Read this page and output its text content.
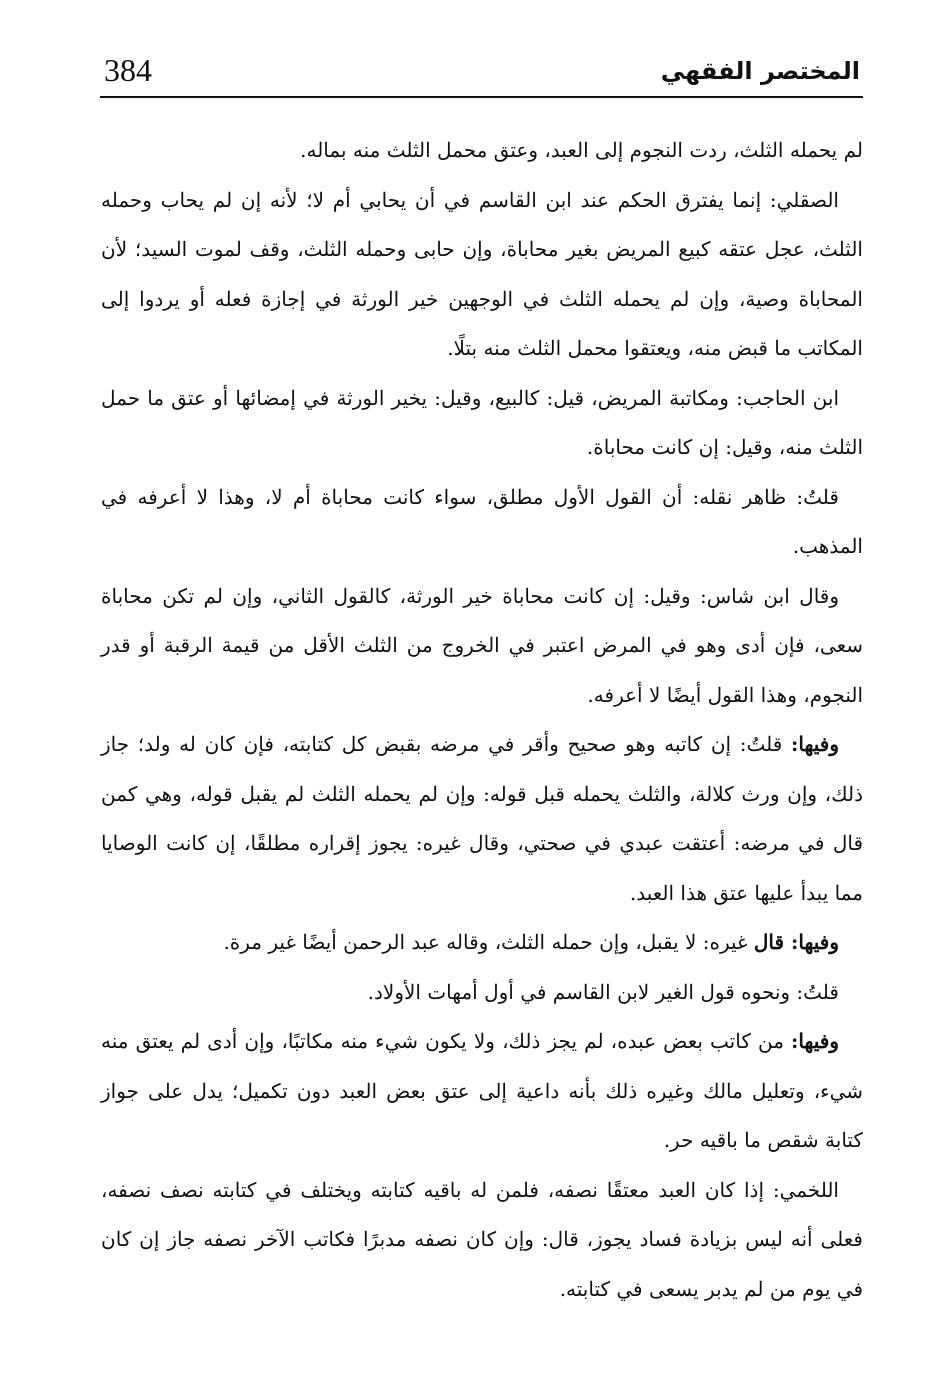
384	المختصر الفقهي

لم يحمله الثلث، ردت النجوم إلى العبد، وعتق محمل الثلث منه بماله.

الصقلي: إنما يفترق الحكم عند ابن القاسم في أن يحابي أم لا؛ لأنه إن لم يحاب وحمله الثلث، عجل عتقه كبيع المريض بغير محاباة، وإن حابى وحمله الثلث، وقف لموت السيد؛ لأن المحاباة وصية، وإن لم يحمله الثلث في الوجهين خير الورثة في إجازة فعله أو يردوا إلى المكاتب ما قبض منه، ويعتقوا محمل الثلث منه بتلًا.

ابن الحاجب: ومكاتبة المريض، قيل: كالبيع، وقيل: يخير الورثة في إمضائها أو عتق ما حمل الثلث منه، وقيل: إن كانت محاباة.

قلتُ: ظاهر نقله: أن القول الأول مطلق، سواء كانت محاباة أم لا، وهذا لا أعرفه في المذهب.

وقال ابن شاس: وقيل: إن كانت محاباة خير الورثة، كالقول الثاني، وإن لم تكن محاباة سعى، فإن أدى وهو في المرض اعتبر في الخروج من الثلث الأقل من قيمة الرقبة أو قدر النجوم، وهذا القول أيضًا لا أعرفه.

وفيها: قلتُ: إن كاتبه وهو صحيح وأقر في مرضه بقبض كل كتابته، فإن كان له ولد؛ جاز ذلك، وإن ورث كلالة، والثلث يحمله قبل قوله: وإن لم يحمله الثلث لم يقبل قوله، وهي كمن قال في مرضه: أعتقت عبدي في صحتي، وقال غيره: يجوز إقراره مطلقًا، إن كانت الوصايا مما يبدأ عليها عتق هذا العبد.

وفيها: قال غيره: لا يقبل، وإن حمله الثلث، وقاله عبد الرحمن أيضًا غير مرة.

قلتُ: ونحوه قول الغير لابن القاسم في أول أمهات الأولاد.

وفيها: من كاتب بعض عبده، لم يجز ذلك، ولا يكون شيء منه مكاتبًا، وإن أدى لم يعتق منه شيء، وتعليل مالك وغيره ذلك بأنه داعية إلى عتق بعض العبد دون تكميل؛ يدل على جواز كتابة شقص ما باقيه حر.

اللخمي: إذا كان العبد معتقًا نصفه، فلمن له باقيه كتابته ويختلف في كتابته نصف نصفه، فعلى أنه ليس بزيادة فساد يجوز، قال: وإن كان نصفه مدبرًا فكاتب الآخر نصفه جاز إن كان في يوم من لم يدبر يسعى في كتابته.
